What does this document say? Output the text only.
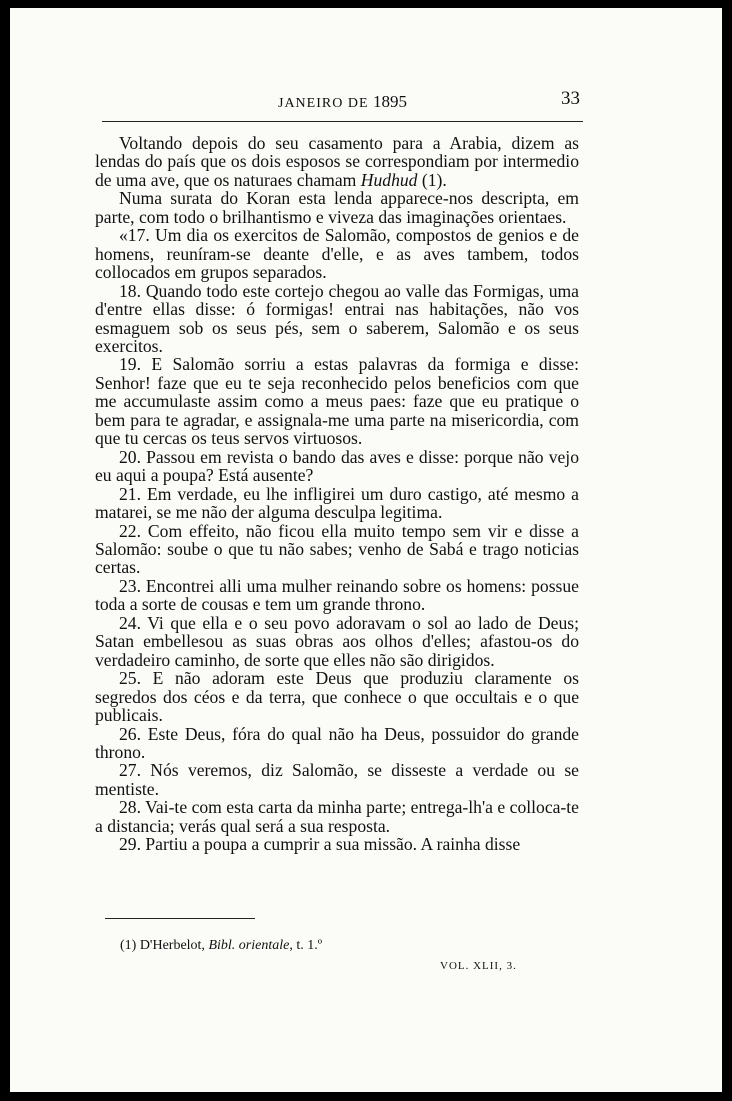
JANEIRO DE 1895	33

Voltando depois do seu casamento para a Arabia, dizem as lendas do país que os dois esposos se correspondiam por intermedio de uma ave, que os naturaes chamam Hudhud (1).

Numa surata do Koran esta lenda apparece-nos descripta, em parte, com todo o brilhantismo e viveza das imaginações orientaes.

«17. Um dia os exercitos de Salomão, compostos de genios e de homens, reuníram-se deante d'elle, e as aves tambem, todos collocados em grupos separados.

18. Quando todo este cortejo chegou ao valle das Formigas, uma d'entre ellas disse: ó formigas! entrai nas habitações, não vos esmaguem sob os seus pés, sem o saberem, Salomão e os seus exercitos.

19. E Salomão sorriu a estas palavras da formiga e disse: Senhor! faze que eu te seja reconhecido pelos beneficios com que me accumulaste assim como a meus paes: faze que eu pratique o bem para te agradar, e assignala-me uma parte na misericordia, com que tu cercas os teus servos virtuosos.

20. Passou em revista o bando das aves e disse: porque não vejo eu aqui a poupa? Está ausente?

21. Em verdade, eu lhe infligirei um duro castigo, até mesmo a matarei, se me não der alguma desculpa legitima.

22. Com effeito, não ficou ella muito tempo sem vir e disse a Salomão: soube o que tu não sabes; venho de Sabá e trago noticias certas.

23. Encontrei alli uma mulher reinando sobre os homens: possue toda a sorte de cousas e tem um grande throno.

24. Vi que ella e o seu povo adoravam o sol ao lado de Deus; Satan embellesou as suas obras aos olhos d'elles; afastou-os do verdadeiro caminho, de sorte que elles não são dirigidos.

25. E não adoram este Deus que produziu claramente os segredos dos céos e da terra, que conhece o que occultais e o que publicais.

26. Este Deus, fóra do qual não ha Deus, possuidor do grande throno.

27. Nós veremos, diz Salomão, se disseste a verdade ou se mentiste.

28. Vai-te com esta carta da minha parte; entrega-lh'a e colloca-te a distancia; verás qual será a sua resposta.

29. Partiu a poupa a cumprir a sua missão. A rainha disse

(1) D'Herbelot, Bibl. orientale, t. 1.º
VOL. XLII, 3.
